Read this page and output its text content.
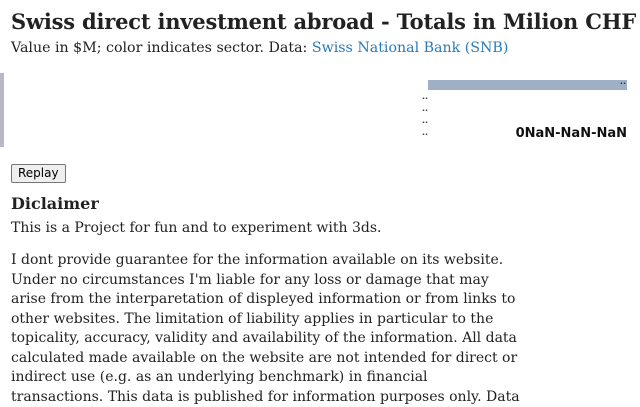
Swiss direct investment abroad - Totals in Milion CHF

Value in $M; color indicates sector. Data: Swiss National Bank (SNB)

..
..
..
..
..	0NaN-NaN-NaN
Replay
Diclaimer

This is a Project for fun and to experiment with 3ds.

I dont provide guarantee for the information available on its website. Under no circumstances I'm liable for any loss or damage that may arise from the interparetation of displeyed information or from links to other websites. The limitation of liability applies in particular to the topicality, accuracy, validity and availability of the information. All data calculated made available on the website are not intended for direct or indirect use (e.g. as an underlying benchmark) in financial transactions. This data is published for information purposes only. Data
